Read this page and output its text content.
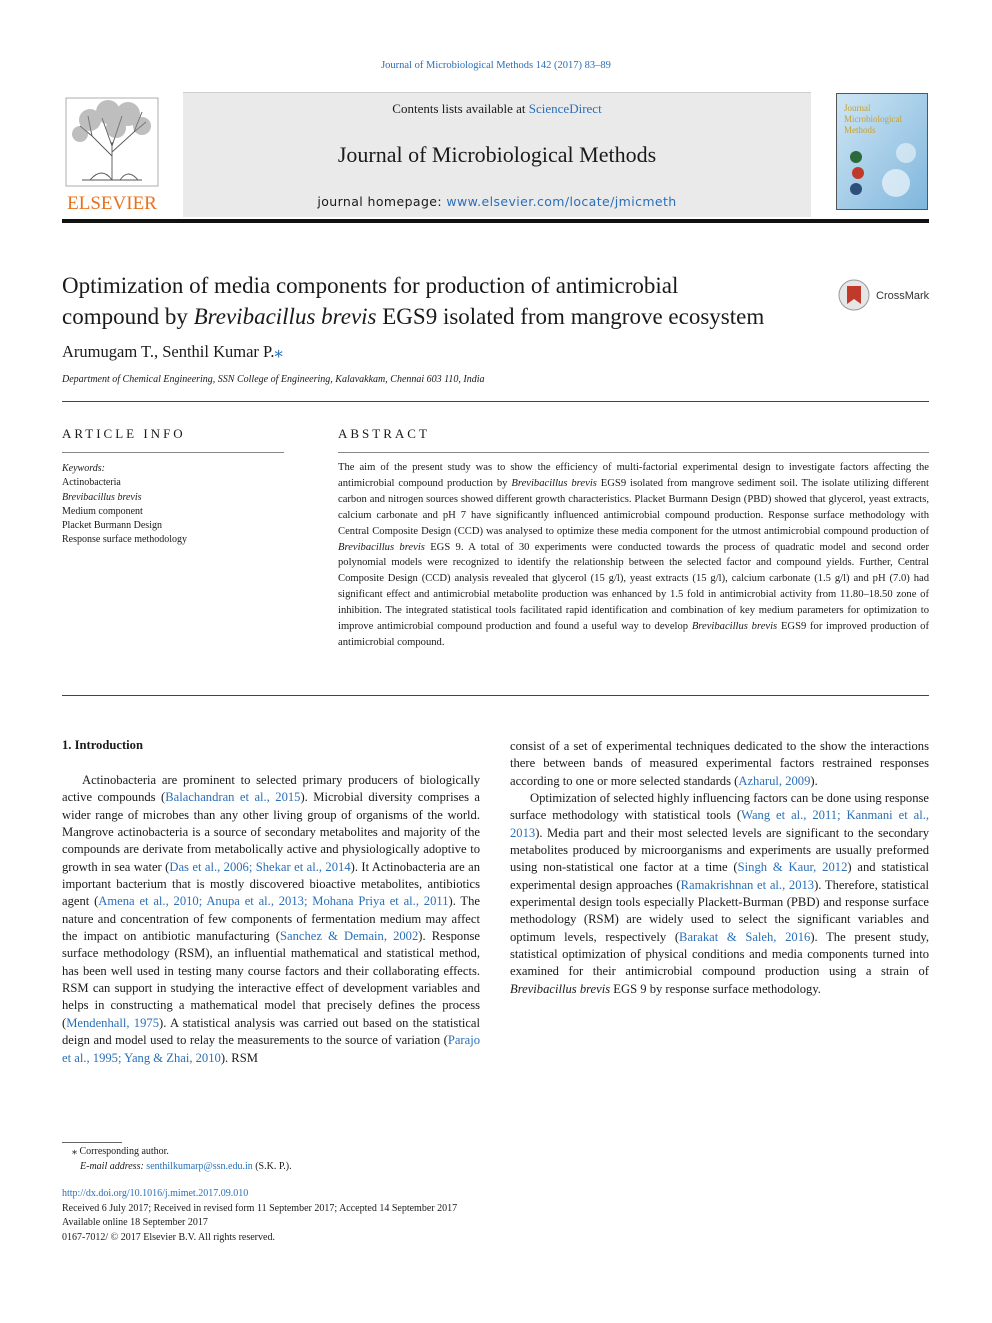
Journal of Microbiological Methods 142 (2017) 83–89
ELSEVIER
Contents lists available at ScienceDirect
Journal of Microbiological Methods
journal homepage: www.elsevier.com/locate/jmicmeth
Journal
Microbiological
Methods
Optimization of media components for production of antimicrobial
compound by Brevibacillus brevis EGS9 isolated from mangrove ecosystem
CrossMark
Arumugam T., Senthil Kumar P.⁎
Department of Chemical Engineering, SSN College of Engineering, Kalavakkam, Chennai 603 110, India
ARTICLE INFO
Keywords:
Actinobacteria
Brevibacillus brevis
Medium component
Placket Burmann Design
Response surface methodology
ABSTRACT
The aim of the present study was to show the efficiency of multi-factorial experimental design to investigate factors affecting the antimicrobial compound production by Brevibacillus brevis EGS9 isolated from mangrove sediment soil. The isolate utilizing different carbon and nitrogen sources showed different growth characteristics. Placket Burmann Design (PBD) showed that glycerol, yeast extracts, calcium carbonate and pH 7 have significantly influenced antimicrobial compound production. Response surface methodology with Central Composite Design (CCD) was analysed to optimize these media component for the utmost antimicrobial compound production of Brevibacillus brevis EGS 9. A total of 30 experiments were conducted towards the process of quadratic model and second order polynomial models were recognized to identify the relationship between the selected factor and compound yields. Further, Central Composite Design (CCD) analysis revealed that glycerol (15 g/l), yeast extracts (15 g/l), calcium carbonate (1.5 g/l) and pH (7.0) had significant effect and antimicrobial metabolite production was enhanced by 1.5 fold in antimicrobial activity from 11.80–18.50 zone of inhibition. The integrated statistical tools facilitated rapid identification and combination of key medium parameters for optimization to improve antimicrobial compound production and found a useful way to develop Brevibacillus brevis EGS9 for improved production of antimicrobial compound.
1. Introduction

Actinobacteria are prominent to selected primary producers of biologically active compounds (Balachandran et al., 2015). Microbial diversity comprises a wider range of microbes than any other living group of organisms of the world. Mangrove actinobacteria is a source of secondary metabolites and majority of the compounds are derivate from metabolically active and physiologically adoptive to growth in sea water (Das et al., 2006; Shekar et al., 2014). It Actinobacteria are an important bacterium that is mostly discovered bioactive metabolites, antibiotics agent (Amena et al., 2010; Anupa et al., 2013; Mohana Priya et al., 2011). The nature and concentration of few components of fermentation medium may affect the impact on antibiotic manufacturing (Sanchez & Demain, 2002). Response surface methodology (RSM), an influential mathematical and statistical method, has been well used in testing many course factors and their collaborating effects. RSM can support in studying the interactive effect of development variables and helps in constructing a mathematical model that precisely defines the process (Mendenhall, 1975). A statistical analysis was carried out based on the statistical deign and model used to relay the measurements to the source of variation (Parajo et al., 1995; Yang & Zhai, 2010). RSM

consist of a set of experimental techniques dedicated to the show the interactions there between bands of measured experimental factors restrained responses according to one or more selected standards (Azharul, 2009).

Optimization of selected highly influencing factors can be done using response surface methodology with statistical tools (Wang et al., 2011; Kanmani et al., 2013). Media part and their most selected levels are significant to the secondary metabolites produced by microorganisms and experiments are usually preformed using non-statistical one factor at a time (Singh & Kaur, 2012) and statistical experimental design approaches (Ramakrishnan et al., 2013). Therefore, statistical experimental design tools especially Plackett-Burman (PBD) and response surface methodology (RSM) are widely used to select the significant variables and optimum levels, respectively (Barakat & Saleh, 2016). The present study, statistical optimization of physical conditions and media components turned into examined for their antimicrobial compound production using a strain of Brevibacillus brevis EGS 9 by response surface methodology.

⁎ Corresponding author.
E-mail address: senthilkumarp@ssn.edu.in (S.K. P.).
http://dx.doi.org/10.1016/j.mimet.2017.09.010
Received 6 July 2017; Received in revised form 11 September 2017; Accepted 14 September 2017
Available online 18 September 2017
0167-7012/ © 2017 Elsevier B.V. All rights reserved.
